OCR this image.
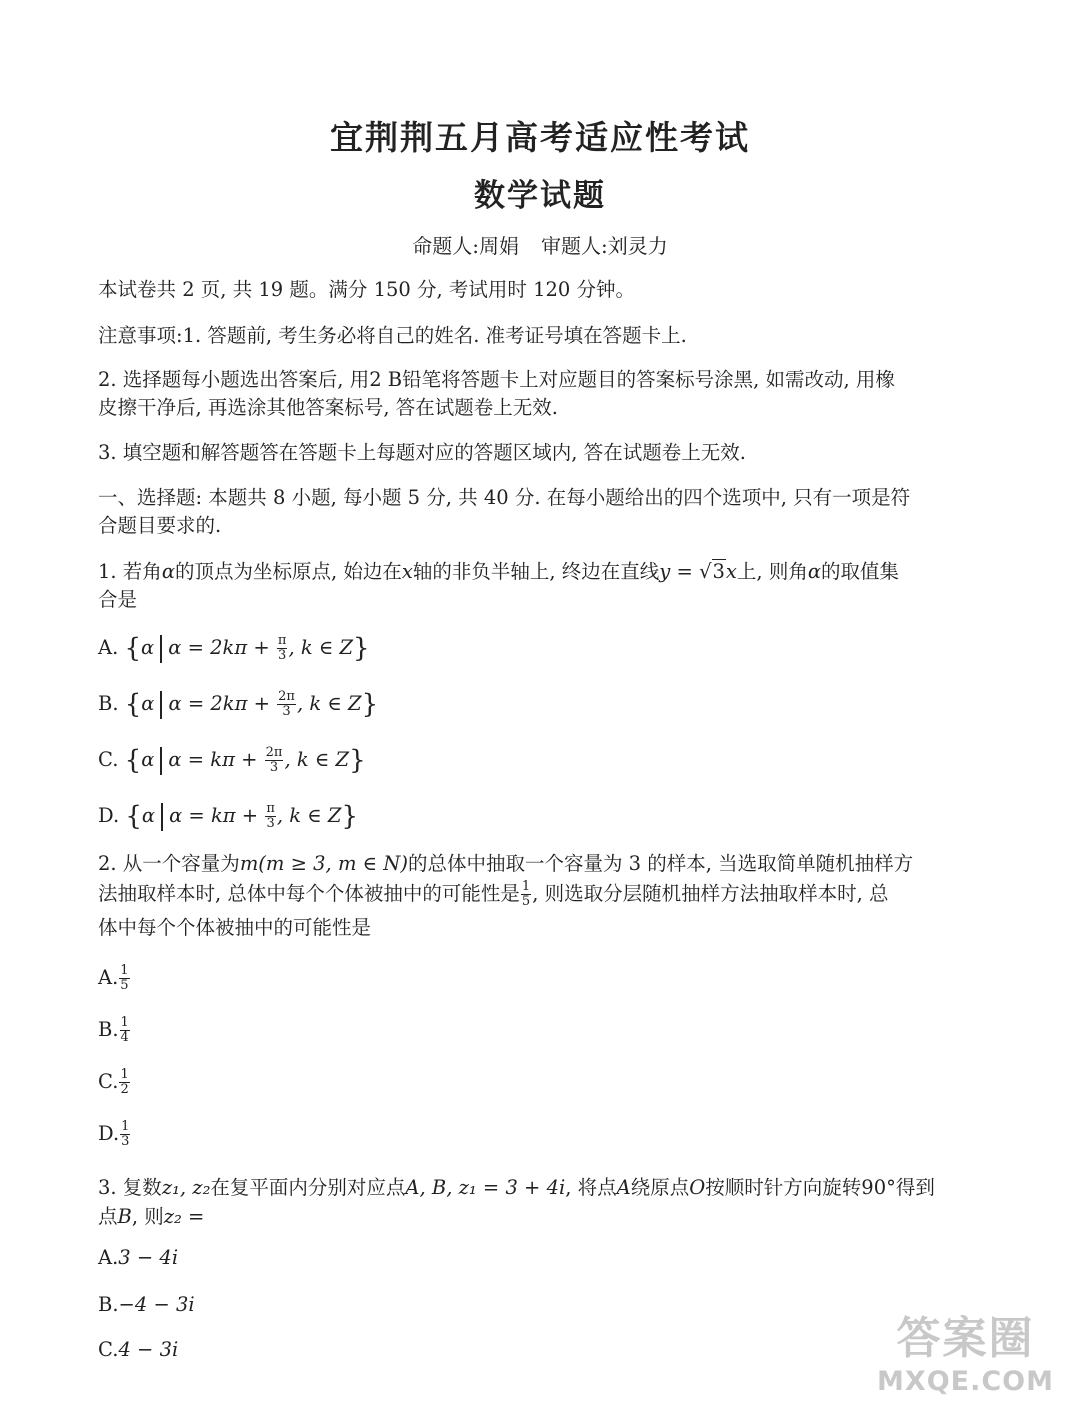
宜荆荆五月高考适应性考试
数学试题
命题人:周娟 审题人:刘灵力
本试卷共 2 页, 共 19 题。满分 150 分, 考试用时 120 分钟。
注意事项:1. 答题前, 考生务必将自己的姓名. 准考证号填在答题卡上.
2. 选择题每小题选出答案后, 用2 B铅笔将答题卡上对应题目的答案标号涂黑, 如需改动, 用橡
皮擦干净后, 再选涂其他答案标号, 答在试题卷上无效.
3. 填空题和解答题答在答题卡上每题对应的答题区域内, 答在试题卷上无效.
一、选择题: 本题共 8 小题, 每小题 5 分, 共 40 分. 在每小题给出的四个选项中, 只有一项是符
合题目要求的.
1. 若角α的顶点为坐标原点, 始边在x轴的非负半轴上, 终边在直线y = √3x上, 则角α的取值集
合是
A. {α $\alpha = 2k\pi + \frac{\pi}{3}$ , k ∈ Z}
B. {α $\alpha = 2k\pi + \frac{2\pi}{3}$ , k ∈ Z}
C. {α $\alpha = k\pi + \frac{2\pi}{3}$ , k ∈ Z}
D. {α $\alpha = k\pi + \frac{\pi}{3}$ , k ∈ Z}
2. 从一个容量为m(m ≥ 3, m ∈ N)的总体中抽取一个容量为 3 的样本, 当选取简单随机抽样方
法抽取样本时, 总体中每个个体被抽中的可能性是 $\frac{1}{5}$ , 则选取分层随机抽样方法抽取样本时, 总
体中每个个体被抽中的可能性是
A. $\frac{1}{5}$
B. $\frac{1}{4}$
C. $\frac{1}{2}$
D. $\frac{1}{3}$
3. 复数z₁, z₂在复平面内分别对应点A, B, z₁ = 3 + 4i, 将点A绕原点O按顺时针方向旋转90°得到
点B, 则z₂ =
A.3 − 4i
B.−4 − 3i
C.4 − 3i	答案圈
MXQE.COM
